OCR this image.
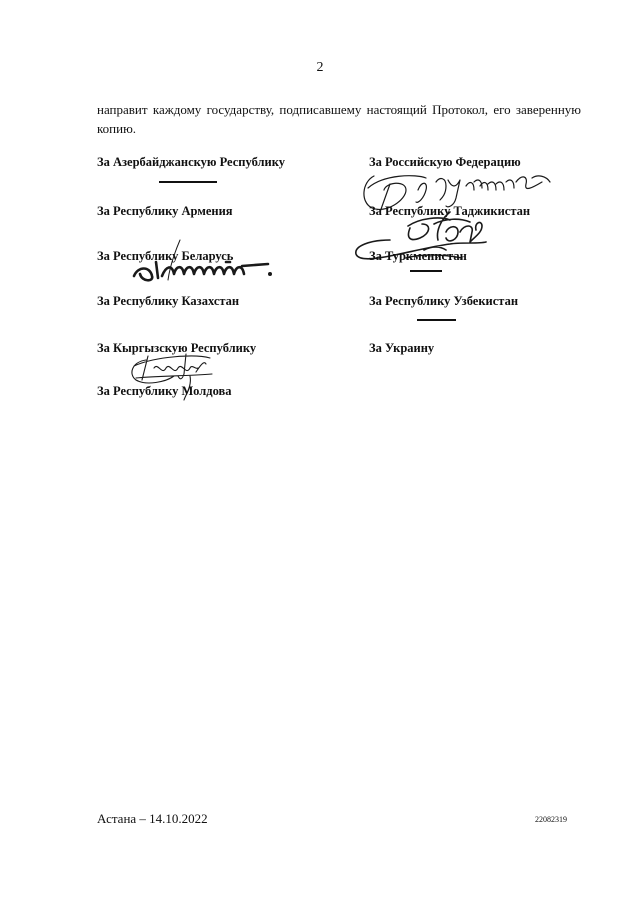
2
направит каждому государству, подписавшему настоящий Протокол, его заверенную копию.
За Азербайджанскую Республику
За Республику Армения
За Республику Беларусь
За Республику Казахстан
За Кыргызскую Республику
За Республику Молдова
За Российскую Федерацию
За Республику Таджикистан
За Туркменистан
За Республику Узбекистан
За Украину
Астана – 14.10.2022	22082319
